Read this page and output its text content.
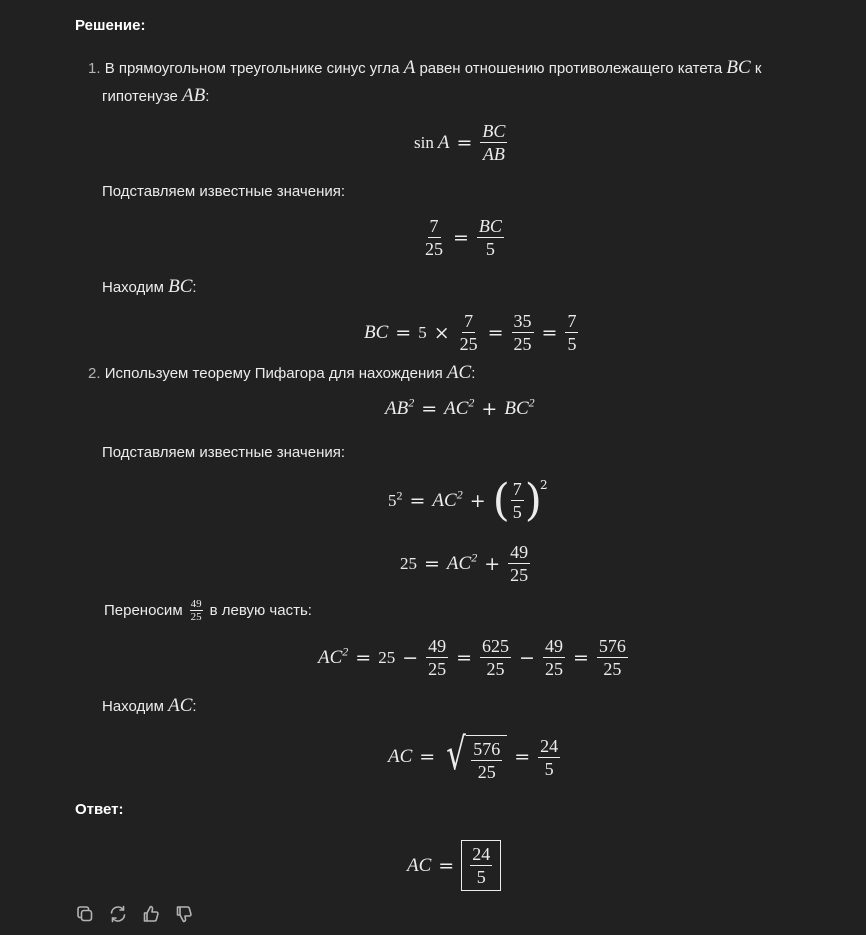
Решение:
1. В прямоугольном треугольнике синус угла A равен отношению противолежащего катета BC к
гипотенузе AB:
$\sin A = \frac{BC}{AB}$
Подставляем известные значения:
$\frac{7}{25} = \frac{BC}{5}$
Находим BC:
BC = $5 \times \frac{7}{25} = \frac{35}{25} = \frac{7}{5}$
2. Используем теорему Пифагора для нахождения AC:
$AB^2 = AC^2 + BC^2$
Подставляем известные значения:
$5^2 = AC^2$ + ( $\frac{7}{5}$ )
$^2$
$25 = AC^2 + \frac{49}{25}$
Переносим $\frac{49}{25}$ в левую часть:
$AC^2 = 25 - \frac{49}{25} = \frac{625}{25} - \frac{49}{25} = \frac{576}{25}$
Находим AC:
AC = √ $\frac{576}{25} = \frac{24}{5}$
Ответ:
AC = $\frac{24}{5}$
